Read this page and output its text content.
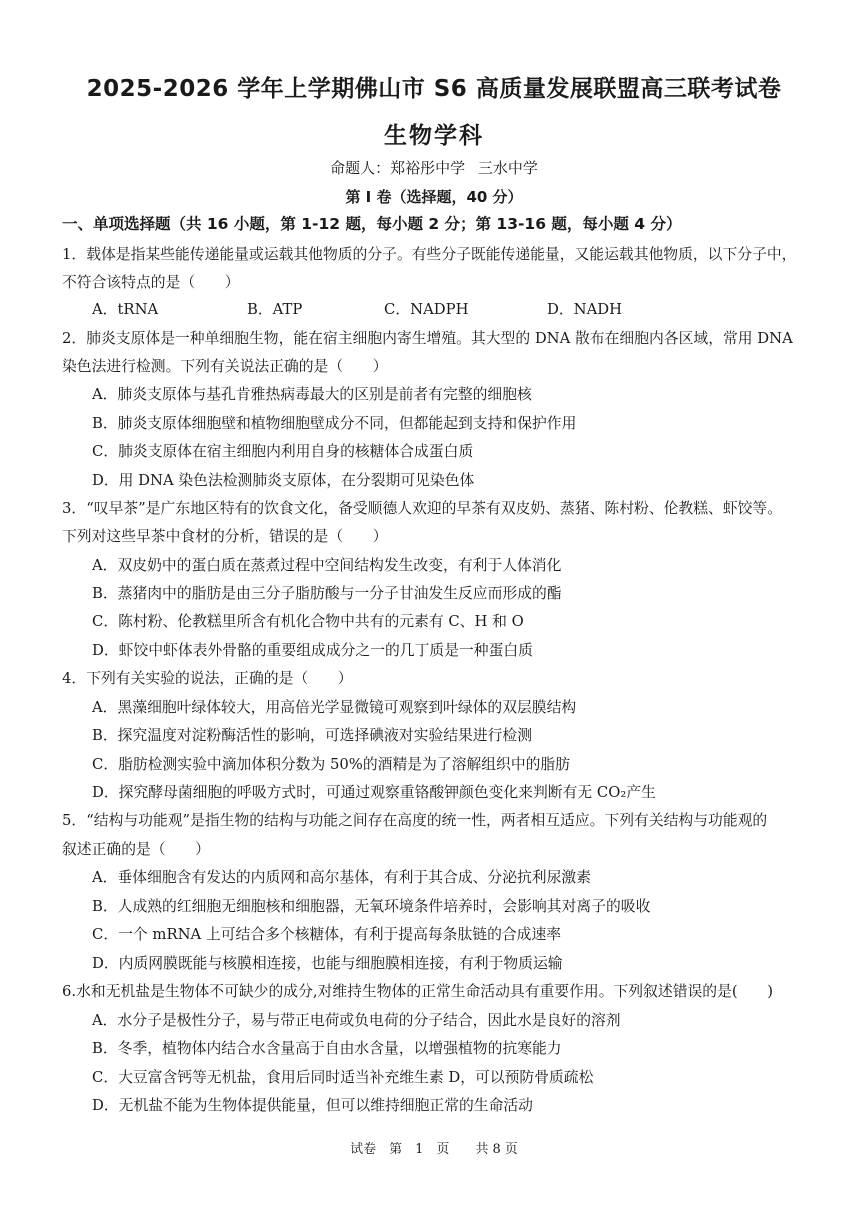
2025-2026 学年上学期佛山市 S6 高质量发展联盟高三联考试卷
生物学科
命题人：郑裕彤中学 三水中学
第 I 卷（选择题，40 分）
一、单项选择题（共 16 小题，第 1-12 题，每小题 2 分；第 13-16 题，每小题 4 分）
1．载体是指某些能传递能量或运载其他物质的分子。有些分子既能传递能量，又能运载其他物质，以下分子中，
不符合该特点的是（　　）
A．tRNA	B．ATP	C．NADPH	D．NADH
2．肺炎支原体是一种单细胞生物，能在宿主细胞内寄生增殖。其大型的 DNA 散布在细胞内各区域，常用 DNA
染色法进行检测。下列有关说法正确的是（　　）
A．肺炎支原体与基孔肯雅热病毒最大的区别是前者有完整的细胞核
B．肺炎支原体细胞壁和植物细胞壁成分不同，但都能起到支持和保护作用
C．肺炎支原体在宿主细胞内利用自身的核糖体合成蛋白质
D．用 DNA 染色法检测肺炎支原体，在分裂期可见染色体
3．“叹早茶”是广东地区特有的饮食文化，备受顺德人欢迎的早茶有双皮奶、蒸猪、陈村粉、伦教糕、虾饺等。
下列对这些早茶中食材的分析，错误的是（　　）
A．双皮奶中的蛋白质在蒸煮过程中空间结构发生改变，有利于人体消化
B．蒸猪肉中的脂肪是由三分子脂肪酸与一分子甘油发生反应而形成的酯
C．陈村粉、伦教糕里所含有机化合物中共有的元素有 C、H 和 O
D．虾饺中虾体表外骨骼的重要组成成分之一的几丁质是一种蛋白质
4．下列有关实验的说法，正确的是（　　）
A．黑藻细胞叶绿体较大，用高倍光学显微镜可观察到叶绿体的双层膜结构
B．探究温度对淀粉酶活性的影响，可选择碘液对实验结果进行检测
C．脂肪检测实验中滴加体积分数为 50%的酒精是为了溶解组织中的脂肪
D．探究酵母菌细胞的呼吸方式时，可通过观察重铬酸钾颜色变化来判断有无 CO₂产生
5．“结构与功能观”是指生物的结构与功能之间存在高度的统一性，两者相互适应。下列有关结构与功能观的
叙述正确的是（　　）
A．垂体细胞含有发达的内质网和高尔基体，有利于其合成、分泌抗利尿激素
B．人成熟的红细胞无细胞核和细胞器，无氧环境条件培养时，会影响其对离子的吸收
C．一个 mRNA 上可结合多个核糖体，有利于提高每条肽链的合成速率
D．内质网膜既能与核膜相连接，也能与细胞膜相连接，有利于物质运输
6.水和无机盐是生物体不可缺少的成分,对维持生物体的正常生命活动具有重要作用。下列叙述错误的是(　　)
A．水分子是极性分子，易与带正电荷或负电荷的分子结合，因此水是良好的溶剂
B．冬季，植物体内结合水含量高于自由水含量，以增强植物的抗寒能力
C．大豆富含钙等无机盐，食用后同时适当补充维生素 D，可以预防骨质疏松
D．无机盐不能为生物体提供能量，但可以维持细胞正常的生命活动
试卷　第　1　页　　共 8 页
